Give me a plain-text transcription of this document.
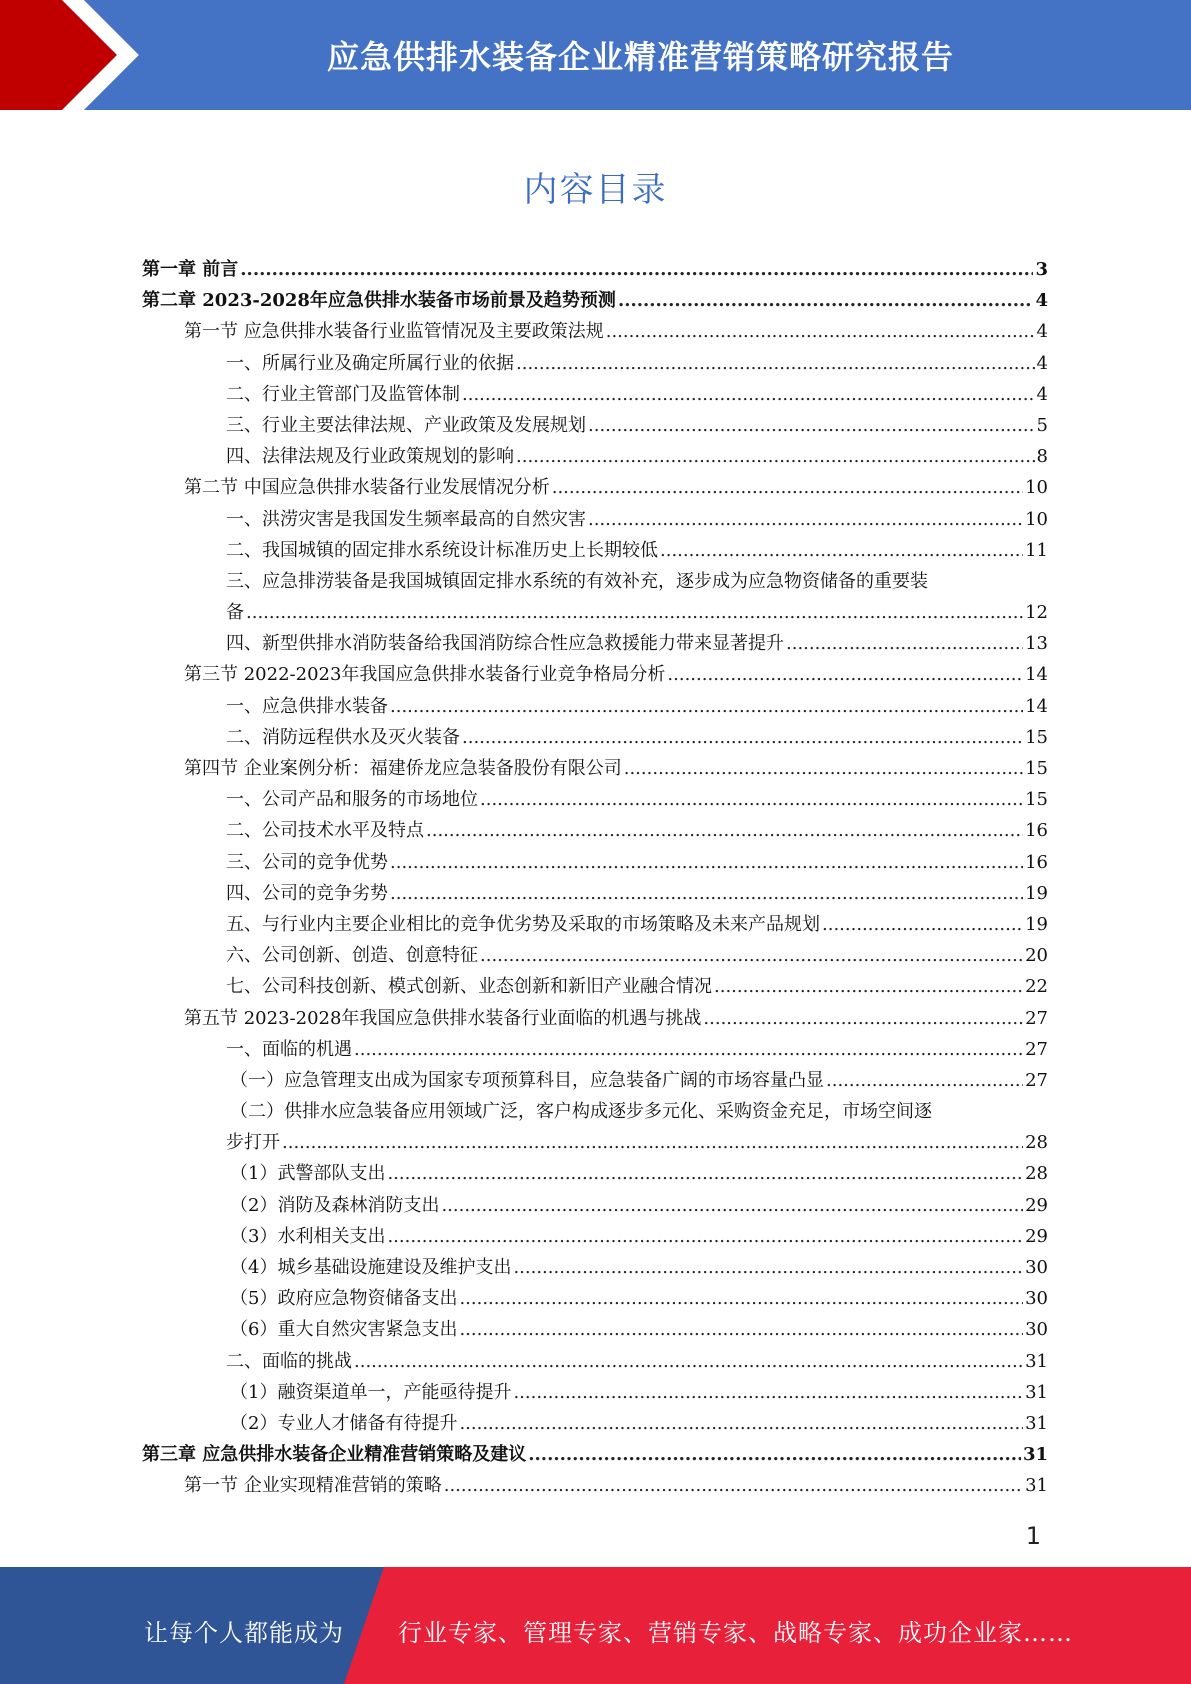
应急供排水装备企业精准营销策略研究报告
内容目录
第一章 前言 .....	3
第二章 2023-2028年应急供排水装备市场前景及趋势预测 .....	4
第一节 应急供排水装备行业监管情况及主要政策法规 .....	4
一、所属行业及确定所属行业的依据 .....	4
二、行业主管部门及监管体制 .....	4
三、行业主要法律法规、产业政策及发展规划 .....	5
四、法律法规及行业政策规划的影响 .....	8
第二节 中国应急供排水装备行业发展情况分析 .....	10
一、洪涝灾害是我国发生频率最高的自然灾害 .....	10
二、我国城镇的固定排水系统设计标准历史上长期较低 .....	11
三、应急排涝装备是我国城镇固定排水系统的有效补充，逐步成为应急物资储备的重要装
备 .....	12
四、新型供排水消防装备给我国消防综合性应急救援能力带来显著提升 .....	13
第三节 2022-2023年我国应急供排水装备行业竞争格局分析 .....	14
一、应急供排水装备 .....	14
二、消防远程供水及灭火装备 .....	15
第四节 企业案例分析：福建侨龙应急装备股份有限公司 .....	15
一、公司产品和服务的市场地位 .....	15
二、公司技术水平及特点 .....	16
三、公司的竞争优势 .....	16
四、公司的竞争劣势 .....	19
五、与行业内主要企业相比的竞争优劣势及采取的市场策略及未来产品规划 .....	19
六、公司创新、创造、创意特征 .....	20
七、公司科技创新、模式创新、业态创新和新旧产业融合情况 .....	22
第五节 2023-2028年我国应急供排水装备行业面临的机遇与挑战 .....	27
一、面临的机遇 .....	27
（一）应急管理支出成为国家专项预算科目，应急装备广阔的市场容量凸显 .....	27
（二）供排水应急装备应用领域广泛，客户构成逐步多元化、采购资金充足，市场空间逐
步打开 .....	28
（1）武警部队支出 .....	28
（2）消防及森林消防支出 .....	29
（3）水利相关支出 .....	29
（4）城乡基础设施建设及维护支出 .....	30
（5）政府应急物资储备支出 .....	30
（6）重大自然灾害紧急支出 .....	30
二、面临的挑战 .....	31
（1）融资渠道单一，产能亟待提升 .....	31
（2）专业人才储备有待提升 .....	31
第三章 应急供排水装备企业精准营销策略及建议 .....	31
第一节 企业实现精准营销的策略 .....	31
1
让每个人都能成为 行业专家、管理专家、营销专家、战略专家、成功企业家……
